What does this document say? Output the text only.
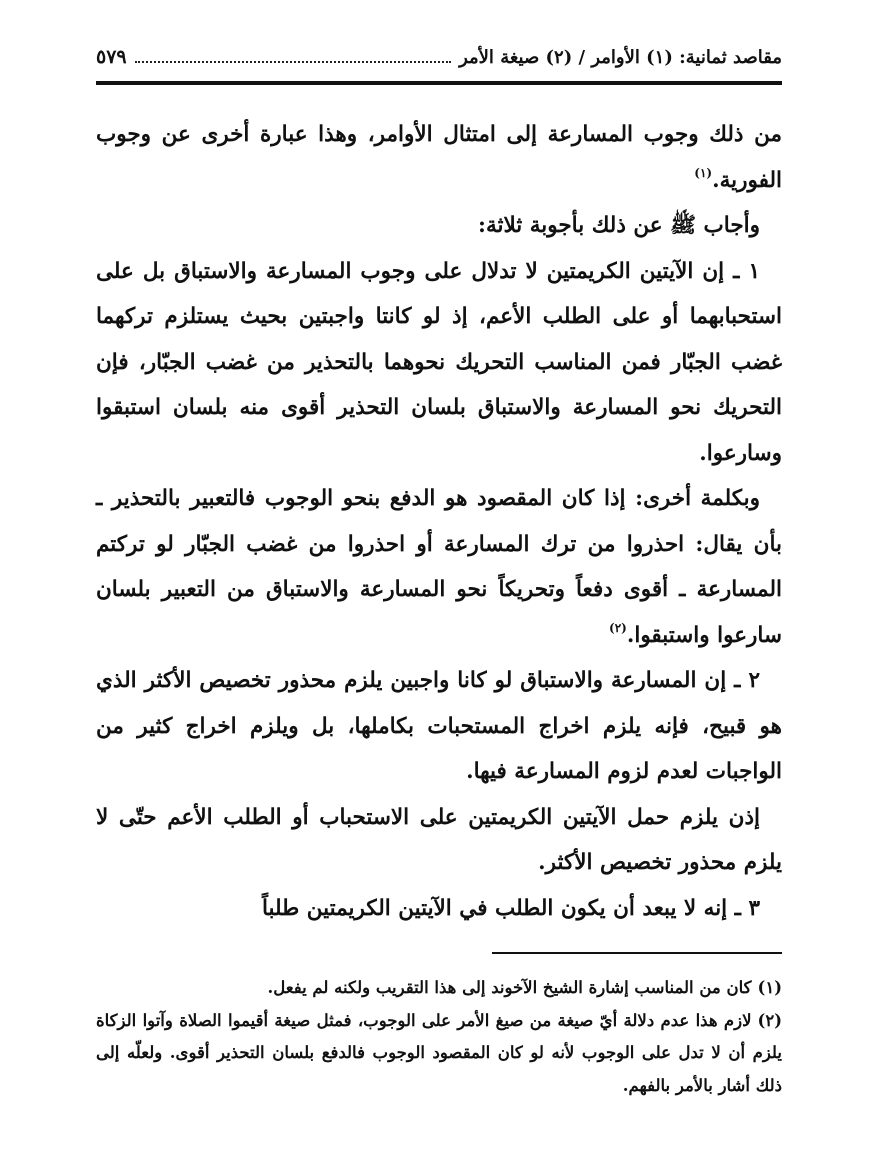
مقاصد ثمانية: (١) الأوامر / (٢) صيغة الأمر
٥٧٩

من ذلك وجوب المسارعة إلى امتثال الأوامر، وهذا عبارة أخرى عن وجوب الفورية.$^{(١)}$

وأجاب ﷺ عن ذلك بأجوبة ثلاثة:

١ ـ إن الآيتين الكريمتين لا تدلال على وجوب المسارعة والاستباق بل على استحبابهما أو على الطلب الأعم، إذ لو كانتا واجبتين بحيث يستلزم تركهما غضب الجبّار فمن المناسب التحريك نحوهما بالتحذير من غضب الجبّار، فإن التحريك نحو المسارعة والاستباق بلسان التحذير أقوى منه بلسان استبقوا وسارعوا.

وبكلمة أخرى: إذا كان المقصود هو الدفع بنحو الوجوب فالتعبير بالتحذير ـ بأن يقال: احذروا من ترك المسارعة أو احذروا من غضب الجبّار لو تركتم المسارعة ـ أقوى دفعاً وتحريكاً نحو المسارعة والاستباق من التعبير بلسان سارعوا واستبقوا.$^{(٢)}$

٢ ـ إن المسارعة والاستباق لو كانا واجبين يلزم محذور تخصيص الأكثر الذي هو قبيح، فإنه يلزم اخراج المستحبات بكاملها، بل ويلزم اخراج كثير من الواجبات لعدم لزوم المسارعة فيها.

إذن يلزم حمل الآيتين الكريمتين على الاستحباب أو الطلب الأعم حتّى لا يلزم محذور تخصيص الأكثر.

٣ ـ إنه لا يبعد أن يكون الطلب في الآيتين الكريمتين طلباً

(١)كان من المناسب إشارة الشيخ الآخوند إلى هذا التقريب ولكنه لم يفعل.

(٢)لازم هذا عدم دلالة أيّ صيغة من صيغ الأمر على الوجوب، فمثل صيغة أقيموا الصلاة وآتوا الزكاة يلزم أن لا تدل على الوجوب لأنه لو كان المقصود الوجوب فالدفع بلسان التحذير أقوى. ولعلّه إلى ذلك أشار بالأمر بالفهم.
